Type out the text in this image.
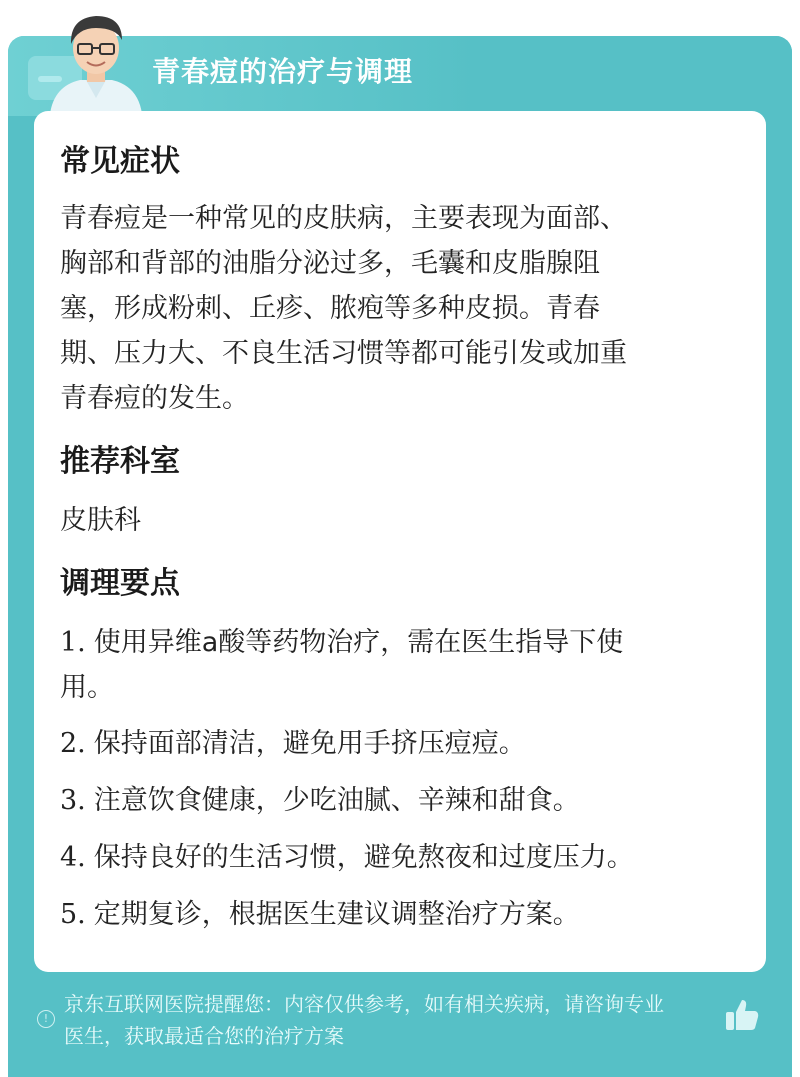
青春痘的治疗与调理
常见症状
青春痘是一种常见的皮肤病，主要表现为面部、
胸部和背部的油脂分泌过多，毛囊和皮脂腺阻
塞，形成粉刺、丘疹、脓疱等多种皮损。青春
期、压力大、不良生活习惯等都可能引发或加重
青春痘的发生。
推荐科室
皮肤科
调理要点
1. 使用异维a酸等药物治疗，需在医生指导下使
用。
2. 保持面部清洁，避免用手挤压痘痘。
3. 注意饮食健康，少吃油腻、辛辣和甜食。
4. 保持良好的生活习惯，避免熬夜和过度压力。
5. 定期复诊，根据医生建议调整治疗方案。
!
京东互联网医院提醒您：内容仅供参考，如有相关疾病，请咨询专业
医生，获取最适合您的治疗方案
